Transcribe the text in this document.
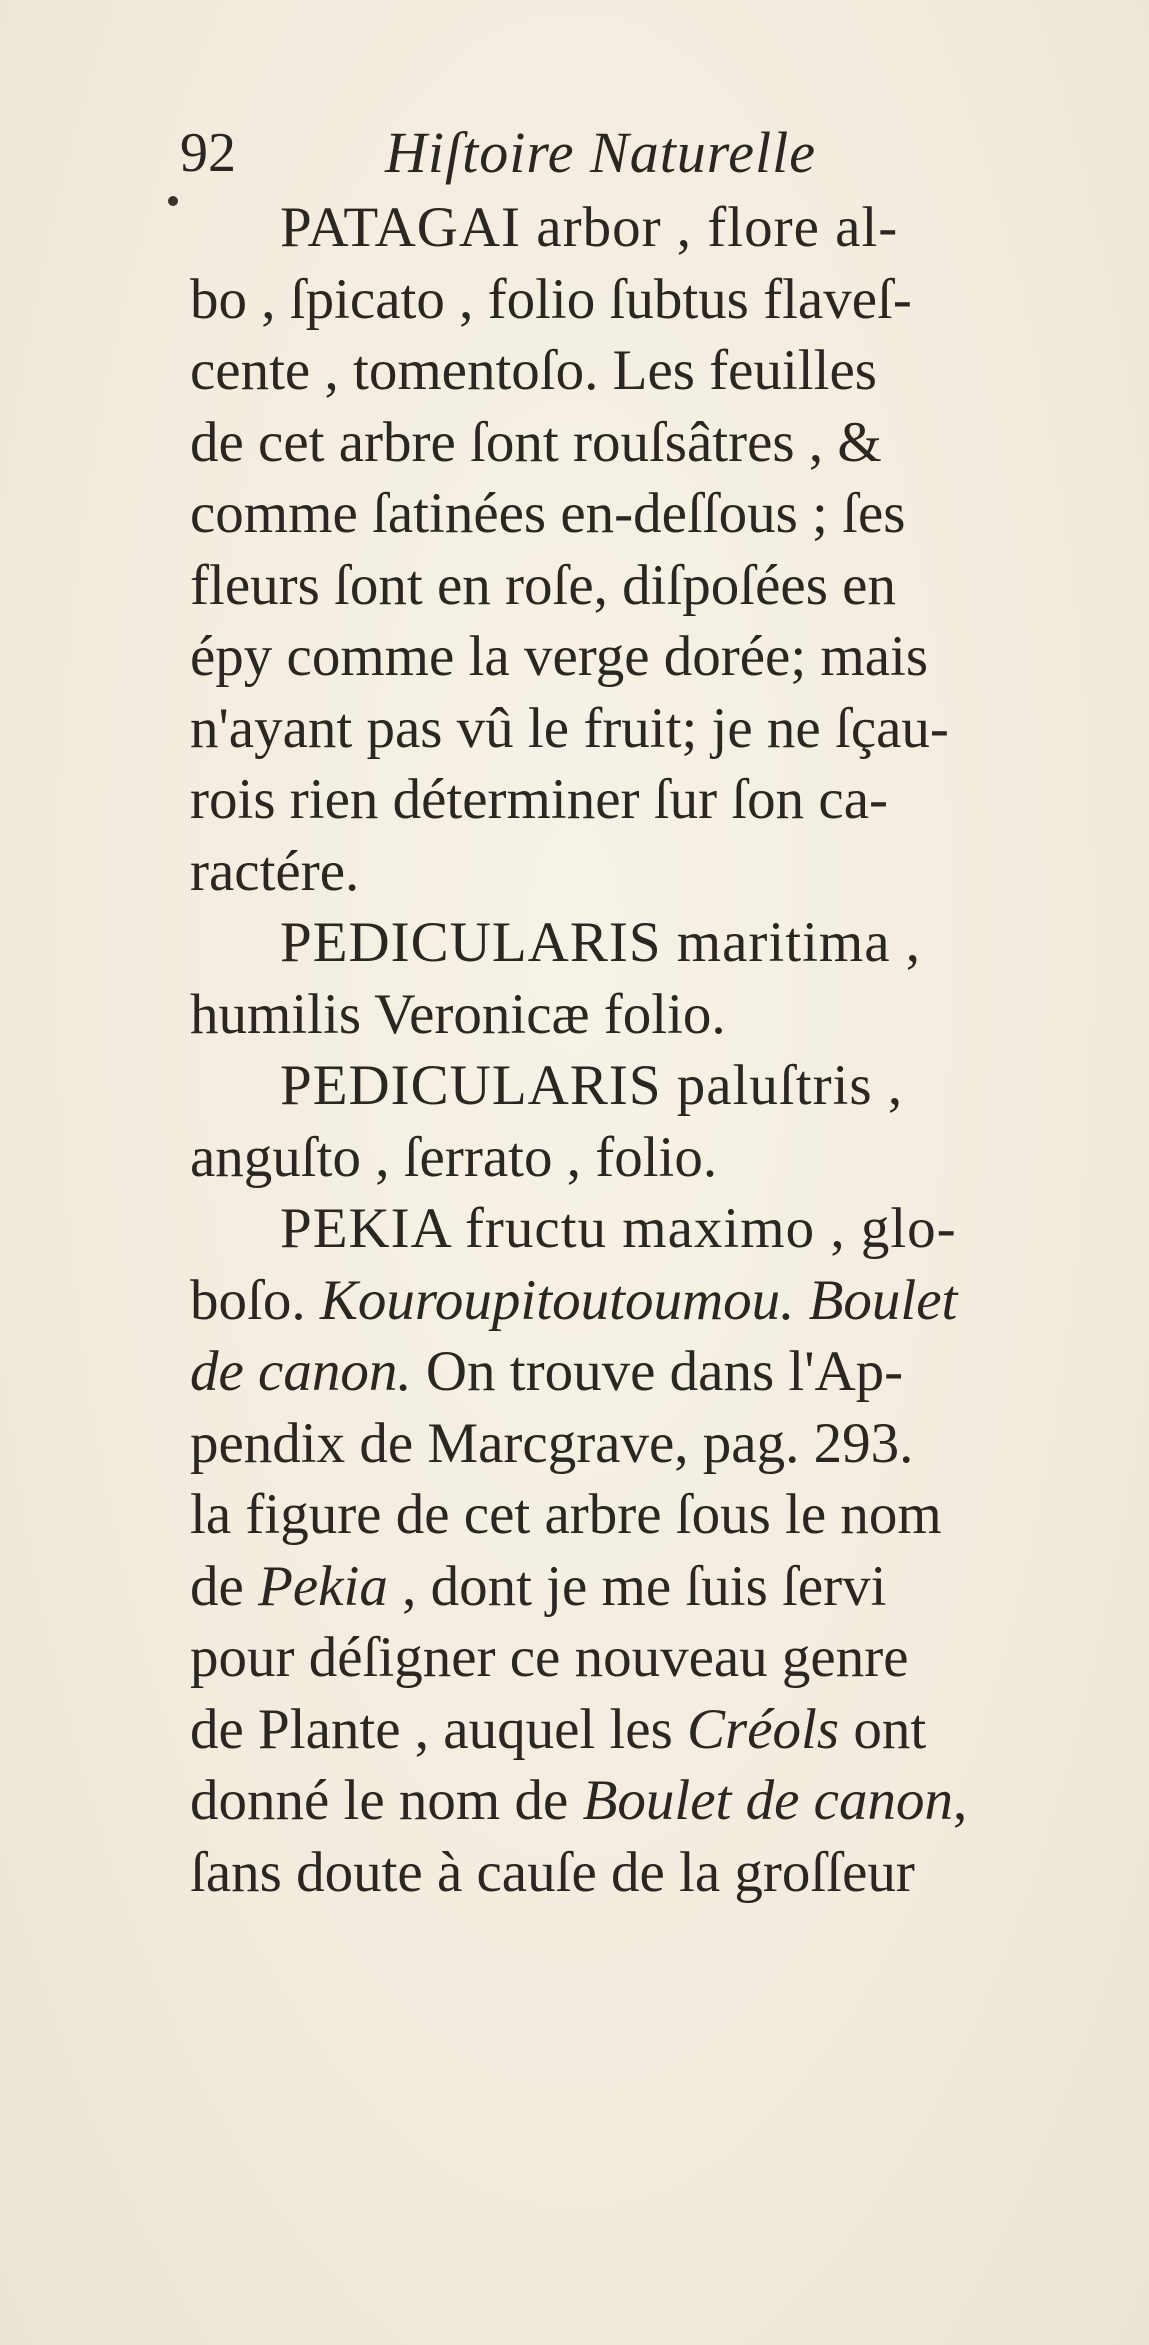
92	Hiſtoire Naturelle
PATAGAI arbor , flore al-
bo , ſpicato , folio ſubtus flaveſ-
cente , tomentoſo. Les feuilles
de cet arbre ſont rouſsâtres , &
comme ſatinées en-deſſous ; ſes
fleurs ſont en roſe, diſpoſées en
épy comme la verge dorée; mais
n'ayant pas vû le fruit; je ne ſçau-
rois rien déterminer ſur ſon ca-
ractére.
PEDICULARIS maritima ,
humilis Veronicæ folio.
PEDICULARIS paluſtris ,
anguſto , ſerrato , folio.
PEKIA fructu maximo , glo-
boſo. Kouroupitoutoumou. Boulet
de canon. On trouve dans l'Ap-
pendix de Marcgrave, pag. 293.
la figure de cet arbre ſous le nom
de Pekia , dont je me ſuis ſervi
pour déſigner ce nouveau genre
de Plante , auquel les Créols ont
donné le nom de Boulet de canon,
ſans doute à cauſe de la groſſeur
